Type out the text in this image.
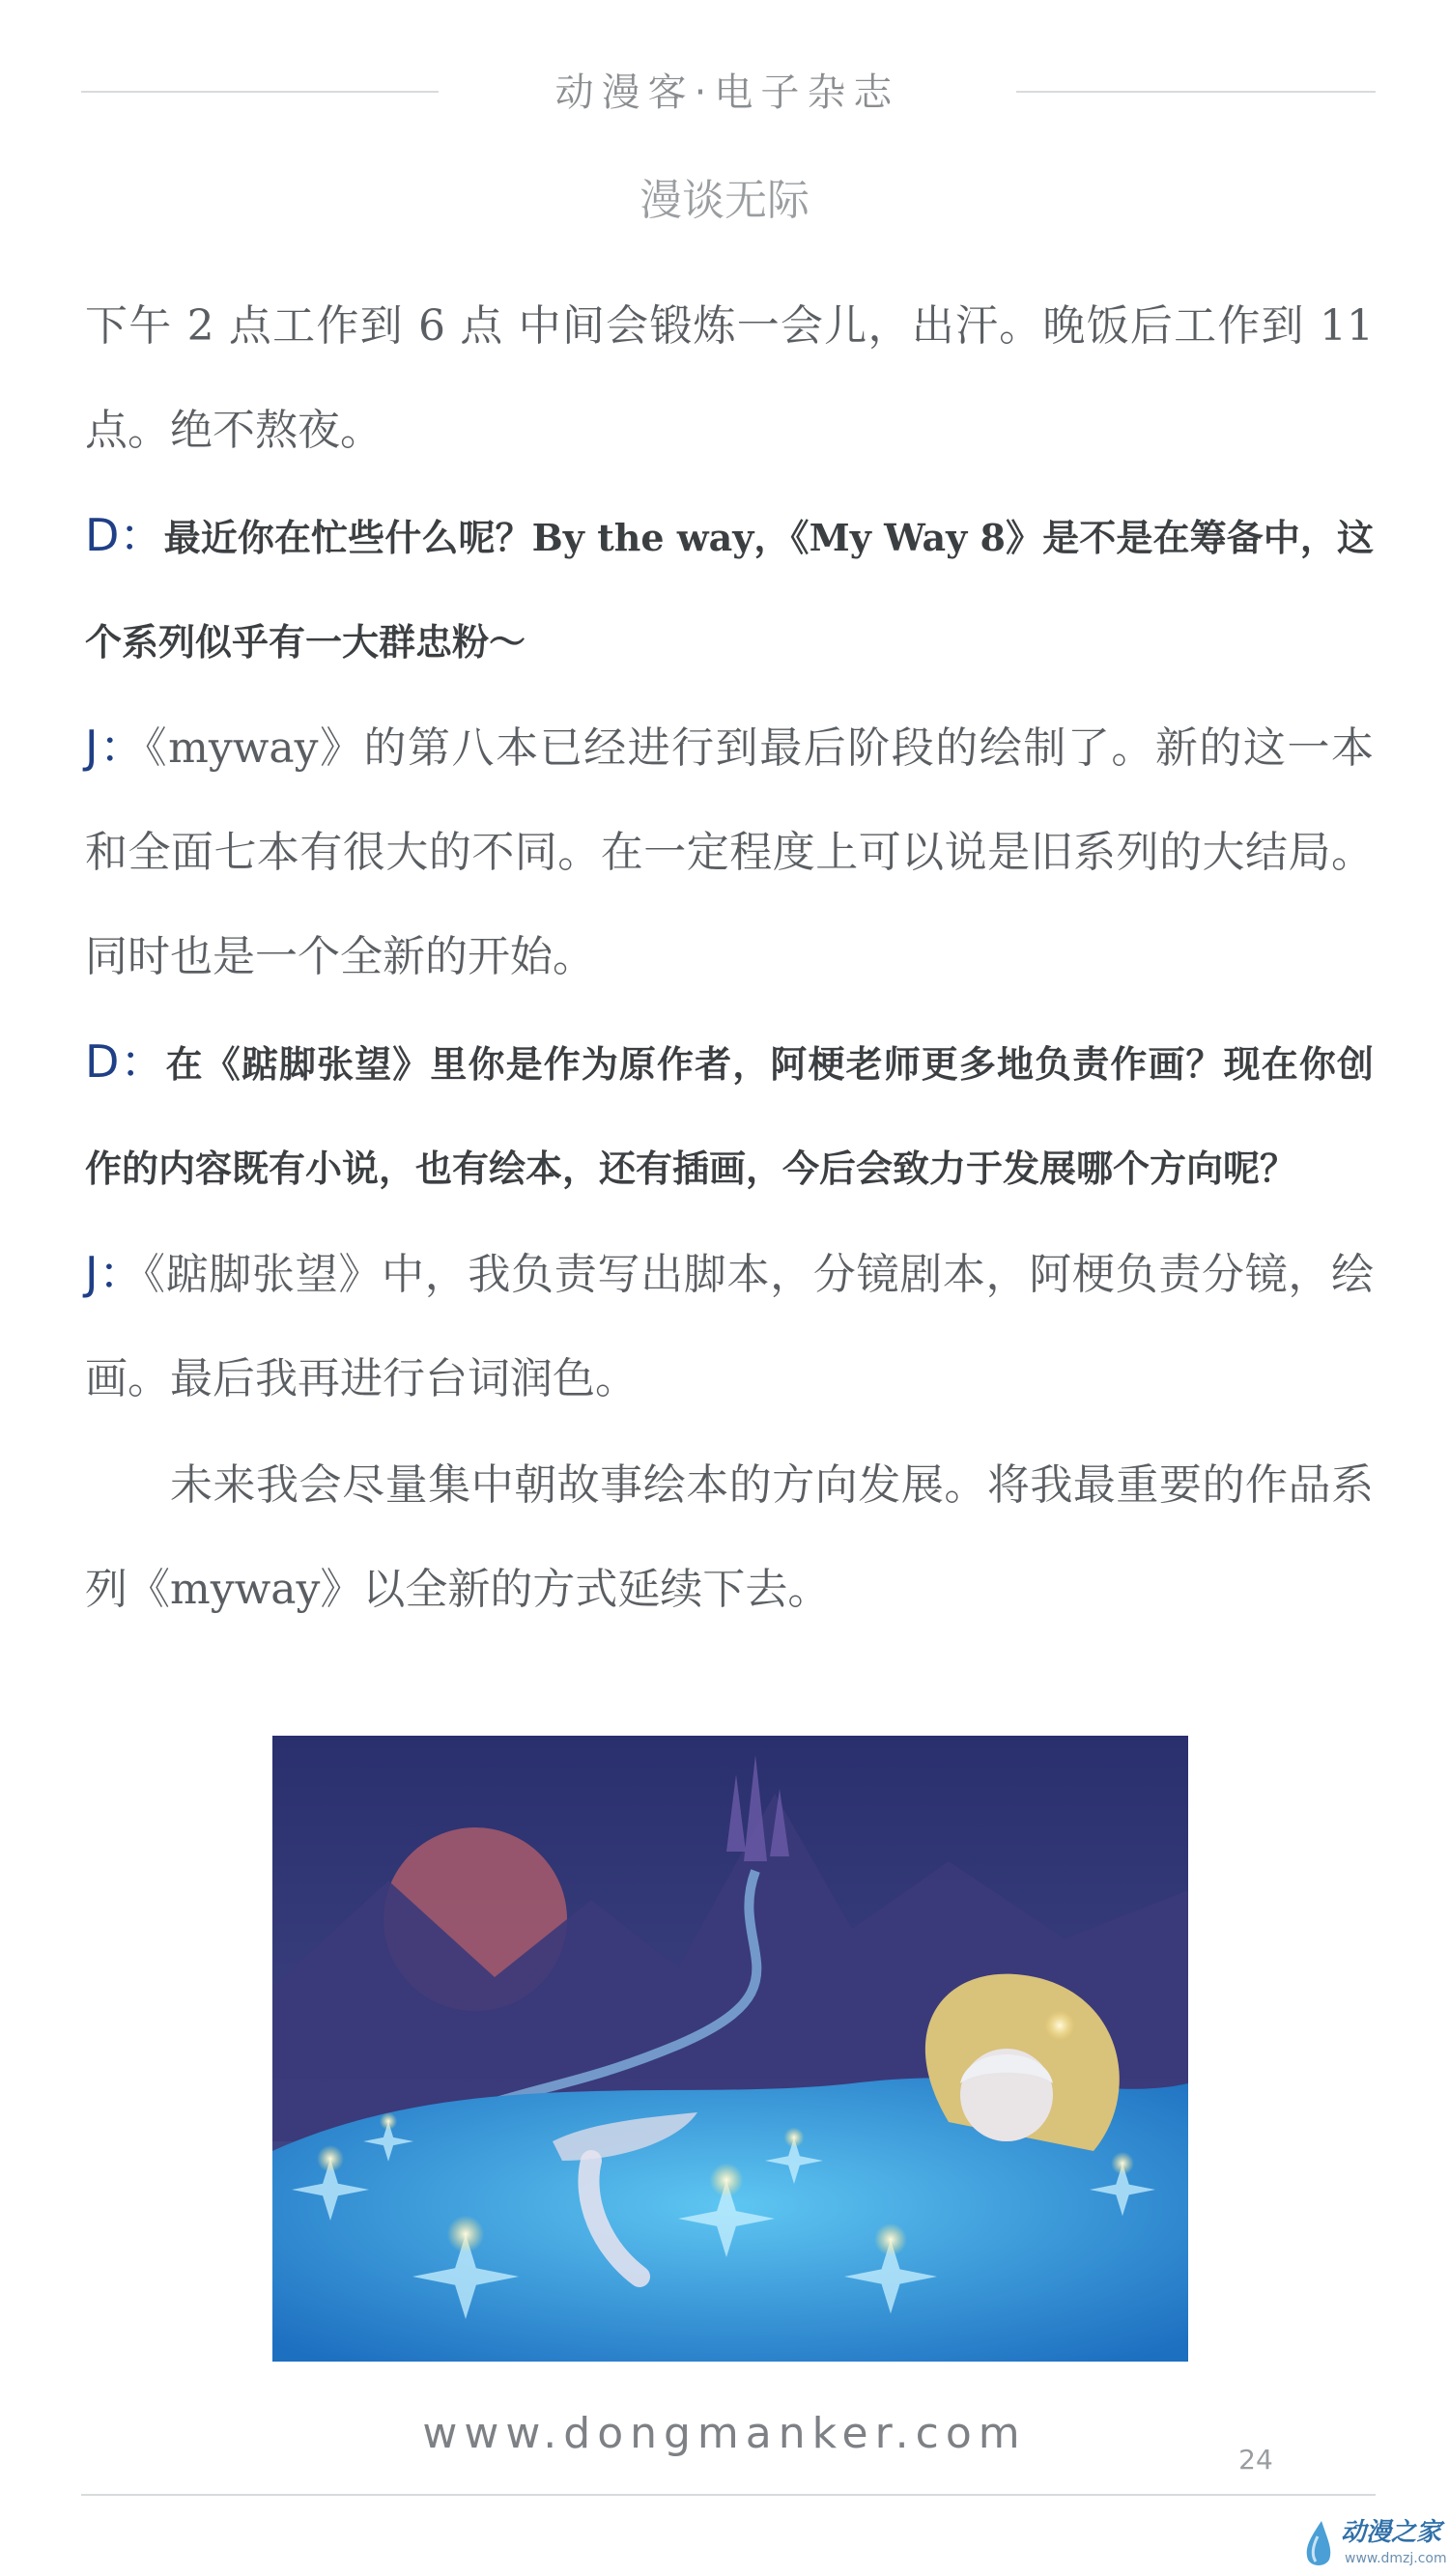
动漫客·电子杂志
漫谈无际

下午 2 点工作到 6 点 中间会锻炼一会儿，出汗。晚饭后工作到 11 点。绝不熬夜。

D：最近你在忙些什么呢？By the way，《My Way 8》是不是在筹备中，这个系列似乎有一大群忠粉～

J：《myway》的第八本已经进行到最后阶段的绘制了。新的这一本和全面七本有很大的不同。在一定程度上可以说是旧系列的大结局。同时也是一个全新的开始。

D：在《踮脚张望》里你是作为原作者，阿梗老师更多地负责作画？现在你创作的内容既有小说，也有绘本，还有插画，今后会致力于发展哪个方向呢？

J：《踮脚张望》中，我负责写出脚本，分镜剧本，阿梗负责分镜，绘画。最后我再进行台词润色。

未来我会尽量集中朝故事绘本的方向发展。将我最重要的作品系列《myway》以全新的方式延续下去。

www.dongmanker.com
24
动漫之家
www.dmzj.com
